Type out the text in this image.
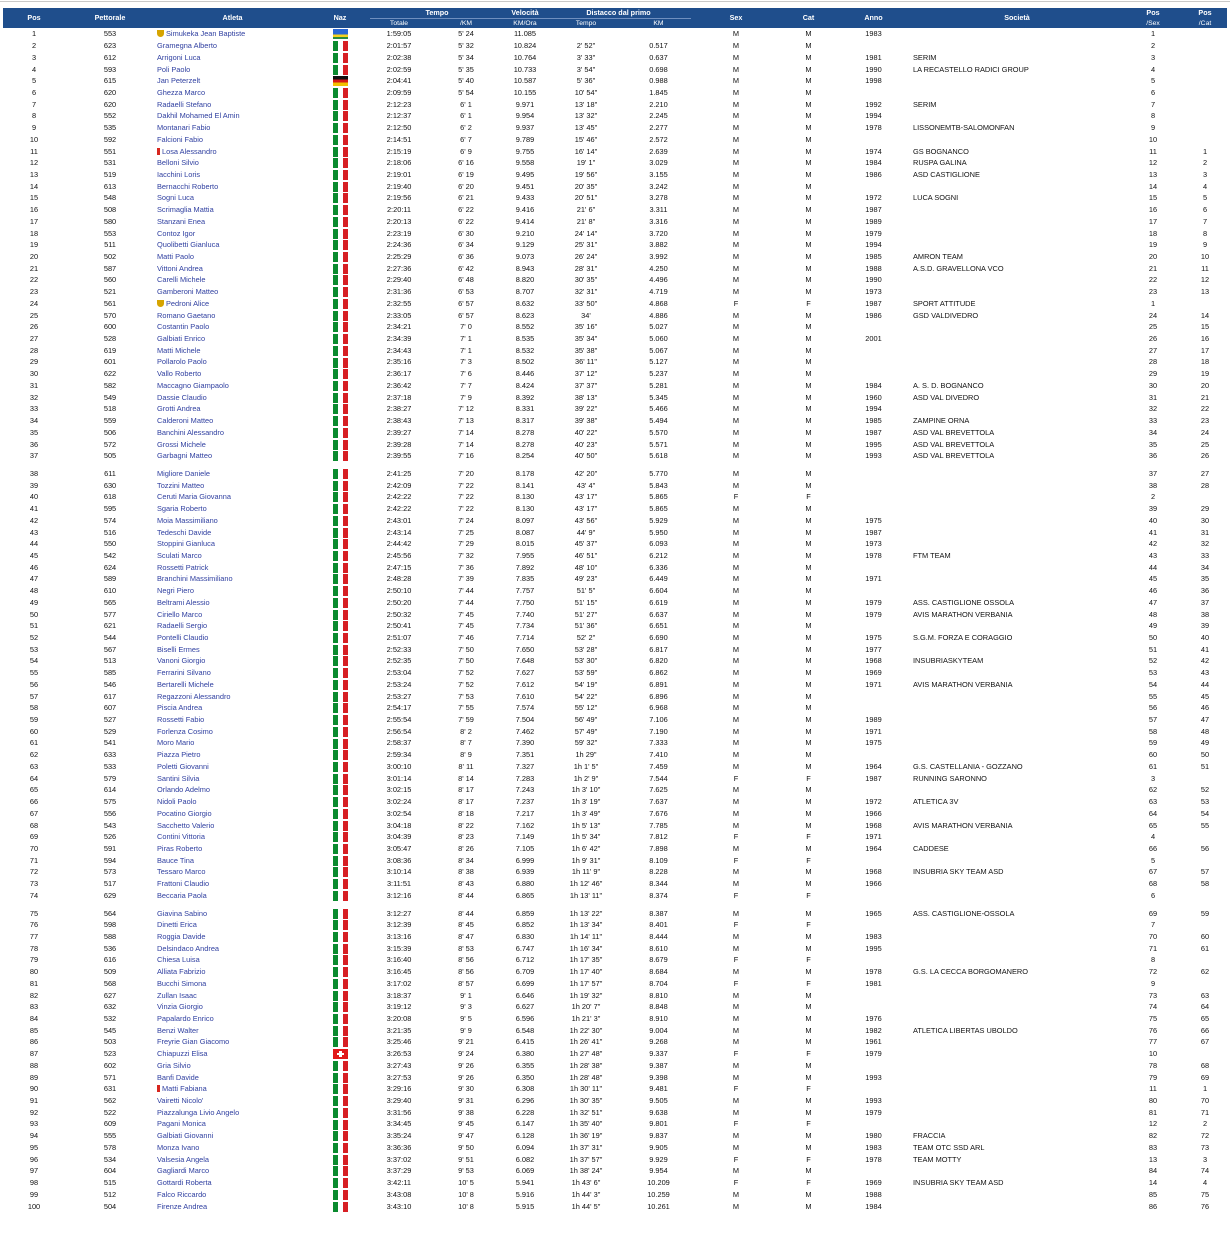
Pos	Pettorale	Atleta	Naz	Tempo		Velocità	Distacco dal primo		Sex	Cat	Anno	Società	Pos	Pos
				Totale	/KM	KM/Ora	Tempo	KM					/Sex	/Cat
1	553	Simukeka Jean Baptiste		1:59:05	5' 24	11.085			M	M	1983		1	
2	623	Gramegna Alberto		2:01:57	5' 32	10.824	2' 52"	0.517	M	M			2	
3	612	Arrigoni Luca		2:02:38	5' 34	10.764	3' 33"	0.637	M	M	1981	SERIM	3	
4	593	Poli Paolo		2:02:59	5' 35	10.733	3' 54"	0.698	M	M	1990	LA RECASTELLO RADICI GROUP	4	
5	615	Jan Peterzelt		2:04:41	5' 40	10.587	5' 36"	0.988	M	M	1998		5	
6	620	Ghezza Marco		2:09:59	5' 54	10.155	10' 54"	1.845	M	M			6	
7	620	Radaelli Stefano		2:12:23	6' 1	9.971	13' 18"	2.210	M	M	1992	SERIM	7	
8	552	Dakhil Mohamed El Amin		2:12:37	6' 1	9.954	13' 32"	2.245	M	M	1994		8	
9	535	Montanari Fabio		2:12:50	6' 2	9.937	13' 45"	2.277	M	M	1978	LISSONEMTB-SALOMONFAN	9	
10	592	Falcioni Fabio		2:14:51	6' 7	9.789	15' 46"	2.572	M	M			10	
11	551	Losa Alessandro		2:15:19	6' 9	9.755	16' 14"	2.639	M	M	1974	GS BOGNANCO	11	1
12	531	Belloni Silvio		2:18:06	6' 16	9.558	19' 1"	3.029	M	M	1984	RUSPA GALINA	12	2
13	519	Iacchini Loris		2:19:01	6' 19	9.495	19' 56"	3.155	M	M	1986	ASD CASTIGLIONE	13	3
14	613	Bernacchi Roberto		2:19:40	6' 20	9.451	20' 35"	3.242	M	M			14	4
15	548	Sogni Luca		2:19:56	6' 21	9.433	20' 51"	3.278	M	M	1972	LUCA SOGNI	15	5
16	508	Scrimaglia Mattia		2:20:11	6' 22	9.416	21' 6"	3.311	M	M	1987		16	6
17	580	Stanzani Enea		2:20:13	6' 22	9.414	21' 8"	3.316	M	M	1989		17	7
18	553	Contoz Igor		2:23:19	6' 30	9.210	24' 14"	3.720	M	M	1979		18	8
19	511	Quolibetti Gianluca		2:24:36	6' 34	9.129	25' 31"	3.882	M	M	1994		19	9
20	502	Matti Paolo		2:25:29	6' 36	9.073	26' 24"	3.992	M	M	1985	AMRON TEAM	20	10
21	587	Vittoni Andrea		2:27:36	6' 42	8.943	28' 31"	4.250	M	M	1988	A.S.D. GRAVELLONA VCO	21	11
22	560	Carelli Michele		2:29:40	6' 48	8.820	30' 35"	4.496	M	M	1990		22	12
23	521	Gamberoni Matteo		2:31:36	6' 53	8.707	32' 31"	4.719	M	M	1973		23	13
24	561	Pedroni Alice		2:32:55	6' 57	8.632	33' 50"	4.868	F	F	1987	SPORT ATTITUDE	1	
25	570	Romano Gaetano		2:33:05	6' 57	8.623	34'	4.886	M	M	1986	GSD VALDIVEDRO	24	14
26	600	Costantin Paolo		2:34:21	7' 0	8.552	35' 16"	5.027	M	M			25	15
27	528	Galbiati Enrico		2:34:39	7' 1	8.535	35' 34"	5.060	M	M	2001		26	16
28	619	Matti Michele		2:34:43	7' 1	8.532	35' 38"	5.067	M	M			27	17
29	601	Pollarolo Paolo		2:35:16	7' 3	8.502	36' 11"	5.127	M	M			28	18
30	622	Vallo Roberto		2:36:17	7' 6	8.446	37' 12"	5.237	M	M			29	19
31	582	Maccagno Giampaolo		2:36:42	7' 7	8.424	37' 37"	5.281	M	M	1984	A. S. D. BOGNANCO	30	20
32	549	Dassie Claudio		2:37:18	7' 9	8.392	38' 13"	5.345	M	M	1960	ASD VAL DIVEDRO	31	21
33	518	Grotti Andrea		2:38:27	7' 12	8.331	39' 22"	5.466	M	M	1994		32	22
34	559	Calderoni Matteo		2:38:43	7' 13	8.317	39' 38"	5.494	M	M	1985	ZAMPINE ORNA	33	23
35	506	Banchini Alessandro		2:39:27	7' 14	8.278	40' 22"	5.570	M	M	1987	ASD VAL BREVETTOLA	34	24
36	572	Grossi Michele		2:39:28	7' 14	8.278	40' 23"	5.571	M	M	1995	ASD VAL BREVETTOLA	35	25
37	505	Garbagni Matteo		2:39:55	7' 16	8.254	40' 50"	5.618	M	M	1993	ASD VAL BREVETTOLA	36	26

38	611	Migliore Daniele		2:41:25	7' 20	8.178	42' 20"	5.770	M	M			37	27
39	630	Tozzini Matteo		2:42:09	7' 22	8.141	43' 4"	5.843	M	M			38	28
40	618	Ceruti Maria Giovanna		2:42:22	7' 22	8.130	43' 17"	5.865	F	F			2	
41	595	Sgaria Roberto		2:42:22	7' 22	8.130	43' 17"	5.865	M	M			39	29
42	574	Moia Massimiliano		2:43:01	7' 24	8.097	43' 56"	5.929	M	M	1975		40	30
43	516	Tedeschi Davide		2:43:14	7' 25	8.087	44' 9"	5.950	M	M	1987		41	31
44	550	Stoppini Gianluca		2:44:42	7' 29	8.015	45' 37"	6.093	M	M	1973		42	32
45	542	Sculati Marco		2:45:56	7' 32	7.955	46' 51"	6.212	M	M	1978	FTM TEAM	43	33
46	624	Rossetti Patrick		2:47:15	7' 36	7.892	48' 10"	6.336	M	M			44	34
47	589	Branchini Massimiliano		2:48:28	7' 39	7.835	49' 23"	6.449	M	M	1971		45	35
48	610	Negri Piero		2:50:10	7' 44	7.757	51' 5"	6.604	M	M			46	36
49	565	Beltrami Alessio		2:50:20	7' 44	7.750	51' 15"	6.619	M	M	1979	ASS. CASTIGLIONE OSSOLA	47	37
50	577	Ciriello Marco		2:50:32	7' 45	7.740	51' 27"	6.637	M	M	1979	AVIS MARATHON VERBANIA	48	38
51	621	Radaelli Sergio		2:50:41	7' 45	7.734	51' 36"	6.651	M	M			49	39
52	544	Pontelli Claudio		2:51:07	7' 46	7.714	52' 2"	6.690	M	M	1975	S.G.M. FORZA E CORAGGIO	50	40
53	567	Biselli Ermes		2:52:33	7' 50	7.650	53' 28"	6.817	M	M	1977		51	41
54	513	Vanoni Giorgio		2:52:35	7' 50	7.648	53' 30"	6.820	M	M	1968	INSUBRIASKYTEAM	52	42
55	585	Ferrarini Silvano		2:53:04	7' 52	7.627	53' 59"	6.862	M	M	1969		53	43
56	546	Bertarelli Michele		2:53:24	7' 52	7.612	54' 19"	6.891	M	M	1971	AVIS MARATHON VERBANIA	54	44
57	617	Regazzoni Alessandro		2:53:27	7' 53	7.610	54' 22"	6.896	M	M			55	45
58	607	Piscia Andrea		2:54:17	7' 55	7.574	55' 12"	6.968	M	M			56	46
59	527	Rossetti Fabio		2:55:54	7' 59	7.504	56' 49"	7.106	M	M	1989		57	47
60	529	Forlenza Cosimo		2:56:54	8' 2	7.462	57' 49"	7.190	M	M	1971		58	48
61	541	Moro Mario		2:58:37	8' 7	7.390	59' 32"	7.333	M	M	1975		59	49
62	633	Piazza Pietro		2:59:34	8' 9	7.351	1h 29"	7.410	M	M			60	50
63	533	Poletti Giovanni		3:00:10	8' 11	7.327	1h 1' 5"	7.459	M	M	1964	G.S. CASTELLANIA - GOZZANO	61	51
64	579	Santini Silvia		3:01:14	8' 14	7.283	1h 2' 9"	7.544	F	F	1987	RUNNING SARONNO	3	
65	614	Orlando Adelmo		3:02:15	8' 17	7.243	1h 3' 10"	7.625	M	M			62	52
66	575	Nidoli Paolo		3:02:24	8' 17	7.237	1h 3' 19"	7.637	M	M	1972	ATLETICA 3V	63	53
67	556	Pocatino Giorgio		3:02:54	8' 18	7.217	1h 3' 49"	7.676	M	M	1966		64	54
68	543	Sacchetto Valerio		3:04:18	8' 22	7.162	1h 5' 13"	7.785	M	M	1968	AVIS MARATHON VERBANIA	65	55
69	526	Contini Vittoria		3:04:39	8' 23	7.149	1h 5' 34"	7.812	F	F	1971		4	
70	591	Piras Roberto		3:05:47	8' 26	7.105	1h 6' 42"	7.898	M	M	1964	CADDESE	66	56
71	594	Bauce Tina		3:08:36	8' 34	6.999	1h 9' 31"	8.109	F	F			5	
72	573	Tessaro Marco		3:10:14	8' 38	6.939	1h 11' 9"	8.228	M	M	1968	INSUBRIA SKY TEAM ASD	67	57
73	517	Frattoni Claudio		3:11:51	8' 43	6.880	1h 12' 46"	8.344	M	M	1966		68	58
74	629	Beccaria Paola		3:12:16	8' 44	6.865	1h 13' 11"	8.374	F	F			6	

75	564	Giavina Sabino		3:12:27	8' 44	6.859	1h 13' 22"	8.387	M	M	1965	ASS. CASTIGLIONE-OSSOLA	69	59
76	598	Dinetti Erica		3:12:39	8' 45	6.852	1h 13' 34"	8.401	F	F			7	
77	588	Roggia Davide		3:13:16	8' 47	6.830	1h 14' 11"	8.444	M	M	1983		70	60
78	536	Delsindaco Andrea		3:15:39	8' 53	6.747	1h 16' 34"	8.610	M	M	1995		71	61
79	616	Chiesa Luisa		3:16:40	8' 56	6.712	1h 17' 35"	8.679	F	F			8	
80	509	Alliata Fabrizio		3:16:45	8' 56	6.709	1h 17' 40"	8.684	M	M	1978	G.S. LA CECCA BORGOMANERO	72	62
81	568	Bucchi Simona		3:17:02	8' 57	6.699	1h 17' 57"	8.704	F	F	1981		9	
82	627	Zullan Isaac		3:18:37	9' 1	6.646	1h 19' 32"	8.810	M	M			73	63
83	632	Vinzia Giorgio		3:19:12	9' 3	6.627	1h 20' 7"	8.848	M	M			74	64
84	532	Papalardo Enrico		3:20:08	9' 5	6.596	1h 21' 3"	8.910	M	M	1976		75	65
85	545	Benzi Walter		3:21:35	9' 9	6.548	1h 22' 30"	9.004	M	M	1982	ATLETICA LIBERTAS UBOLDO	76	66
86	503	Freyrie Gian Giacomo		3:25:46	9' 21	6.415	1h 26' 41"	9.268	M	M	1961		77	67
87	523	Chiapuzzi Elisa		3:26:53	9' 24	6.380	1h 27' 48"	9.337	F	F	1979		10	
88	602	Gria Silvio		3:27:43	9' 26	6.355	1h 28' 38"	9.387	M	M			78	68
89	571	Banfi Davide		3:27:53	9' 26	6.350	1h 28' 48"	9.398	M	M	1993		79	69
90	631	Matti Fabiana		3:29:16	9' 30	6.308	1h 30' 11"	9.481	F	F			11	1
91	562	Vairetti Nicolo'		3:29:40	9' 31	6.296	1h 30' 35"	9.505	M	M	1993		80	70
92	522	Piazzalunga Livio Angelo		3:31:56	9' 38	6.228	1h 32' 51"	9.638	M	M	1979		81	71
93	609	Pagani Monica		3:34:45	9' 45	6.147	1h 35' 40"	9.801	F	F			12	2
94	555	Galbiati Giovanni		3:35:24	9' 47	6.128	1h 36' 19"	9.837	M	M	1980	FRACCIA	82	72
95	578	Monza Ivano		3:36:36	9' 50	6.094	1h 37' 31"	9.905	M	M	1983	TEAM OTC SSD ARL	83	73
96	534	Valsesia Angela		3:37:02	9' 51	6.082	1h 37' 57"	9.929	F	F	1978	TEAM MOTTY	13	3
97	604	Gagliardi Marco		3:37:29	9' 53	6.069	1h 38' 24"	9.954	M	M			84	74
98	515	Gottardi Roberta		3:42:11	10' 5	5.941	1h 43' 6"	10.209	F	F	1969	INSUBRIA SKY TEAM ASD	14	4
99	512	Falco Riccardo		3:43:08	10' 8	5.916	1h 44' 3"	10.259	M	M	1988		85	75
100	504	Firenze Andrea		3:43:10	10' 8	5.915	1h 44' 5"	10.261	M	M	1984		86	76
